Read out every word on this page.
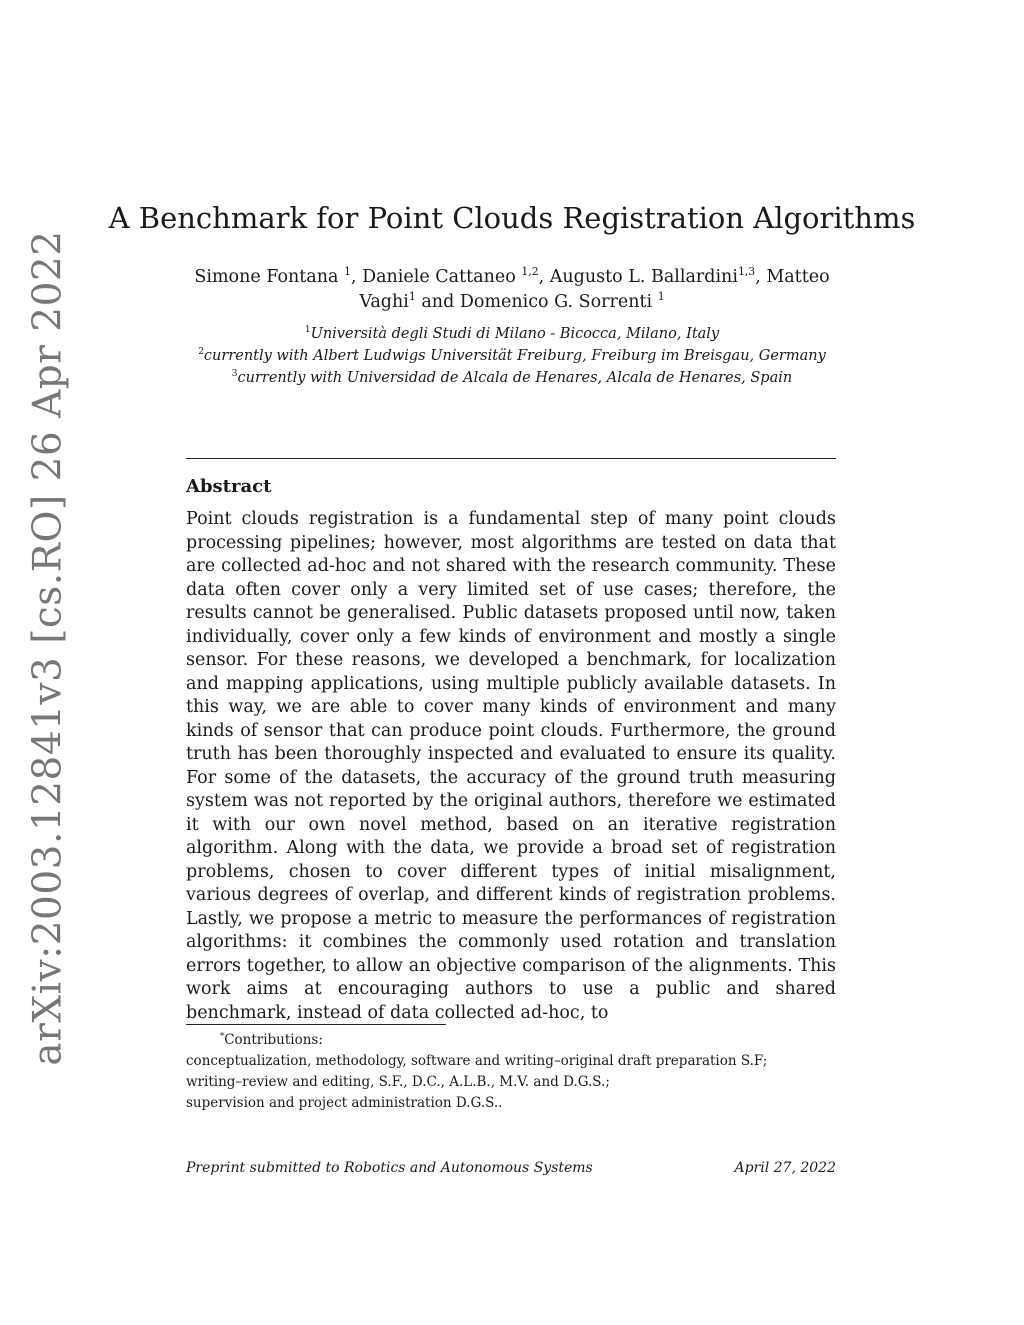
arXiv:2003.12841v3 [cs.RO] 26 Apr 2022
A Benchmark for Point Clouds Registration Algorithms
Simone Fontana $^1$, Daniele Cattaneo $^{1,2}$, Augusto L. Ballardini$^{1,3}$, Matteo Vaghi$^1$ and Domenico G. Sorrenti $^1$
$^1$Università degli Studi di Milano - Bicocca, Milano, Italy
$^2$currently with Albert Ludwigs Universität Freiburg, Freiburg im Breisgau, Germany
$^3$currently with Universidad de Alcala de Henares, Alcala de Henares, Spain
Abstract

Point clouds registration is a fundamental step of many point clouds processing pipelines; however, most algorithms are tested on data that are collected ad-hoc and not shared with the research community. These data often cover only a very limited set of use cases; therefore, the results cannot be generalised. Public datasets proposed until now, taken individually, cover only a few kinds of environment and mostly a single sensor. For these reasons, we developed a benchmark, for localization and mapping applications, using multiple publicly available datasets. In this way, we are able to cover many kinds of environment and many kinds of sensor that can produce point clouds. Furthermore, the ground truth has been thoroughly inspected and evaluated to ensure its quality. For some of the datasets, the accuracy of the ground truth measuring system was not reported by the original authors, therefore we estimated it with our own novel method, based on an iterative registration algorithm. Along with the data, we provide a broad set of registration problems, chosen to cover different types of initial misalignment, various degrees of overlap, and different kinds of registration problems. Lastly, we propose a metric to measure the performances of registration algorithms: it combines the commonly used rotation and translation errors together, to allow an objective comparison of the alignments. This work aims at encouraging authors to use a public and shared benchmark, instead of data collected ad-hoc, to

*Contributions:
conceptualization, methodology, software and writing–original draft preparation S.F;
writing–review and editing, S.F., D.C., A.L.B., M.V. and D.G.S.;
supervision and project administration D.G.S..
Preprint submitted to Robotics and Autonomous Systems	April 27, 2022
